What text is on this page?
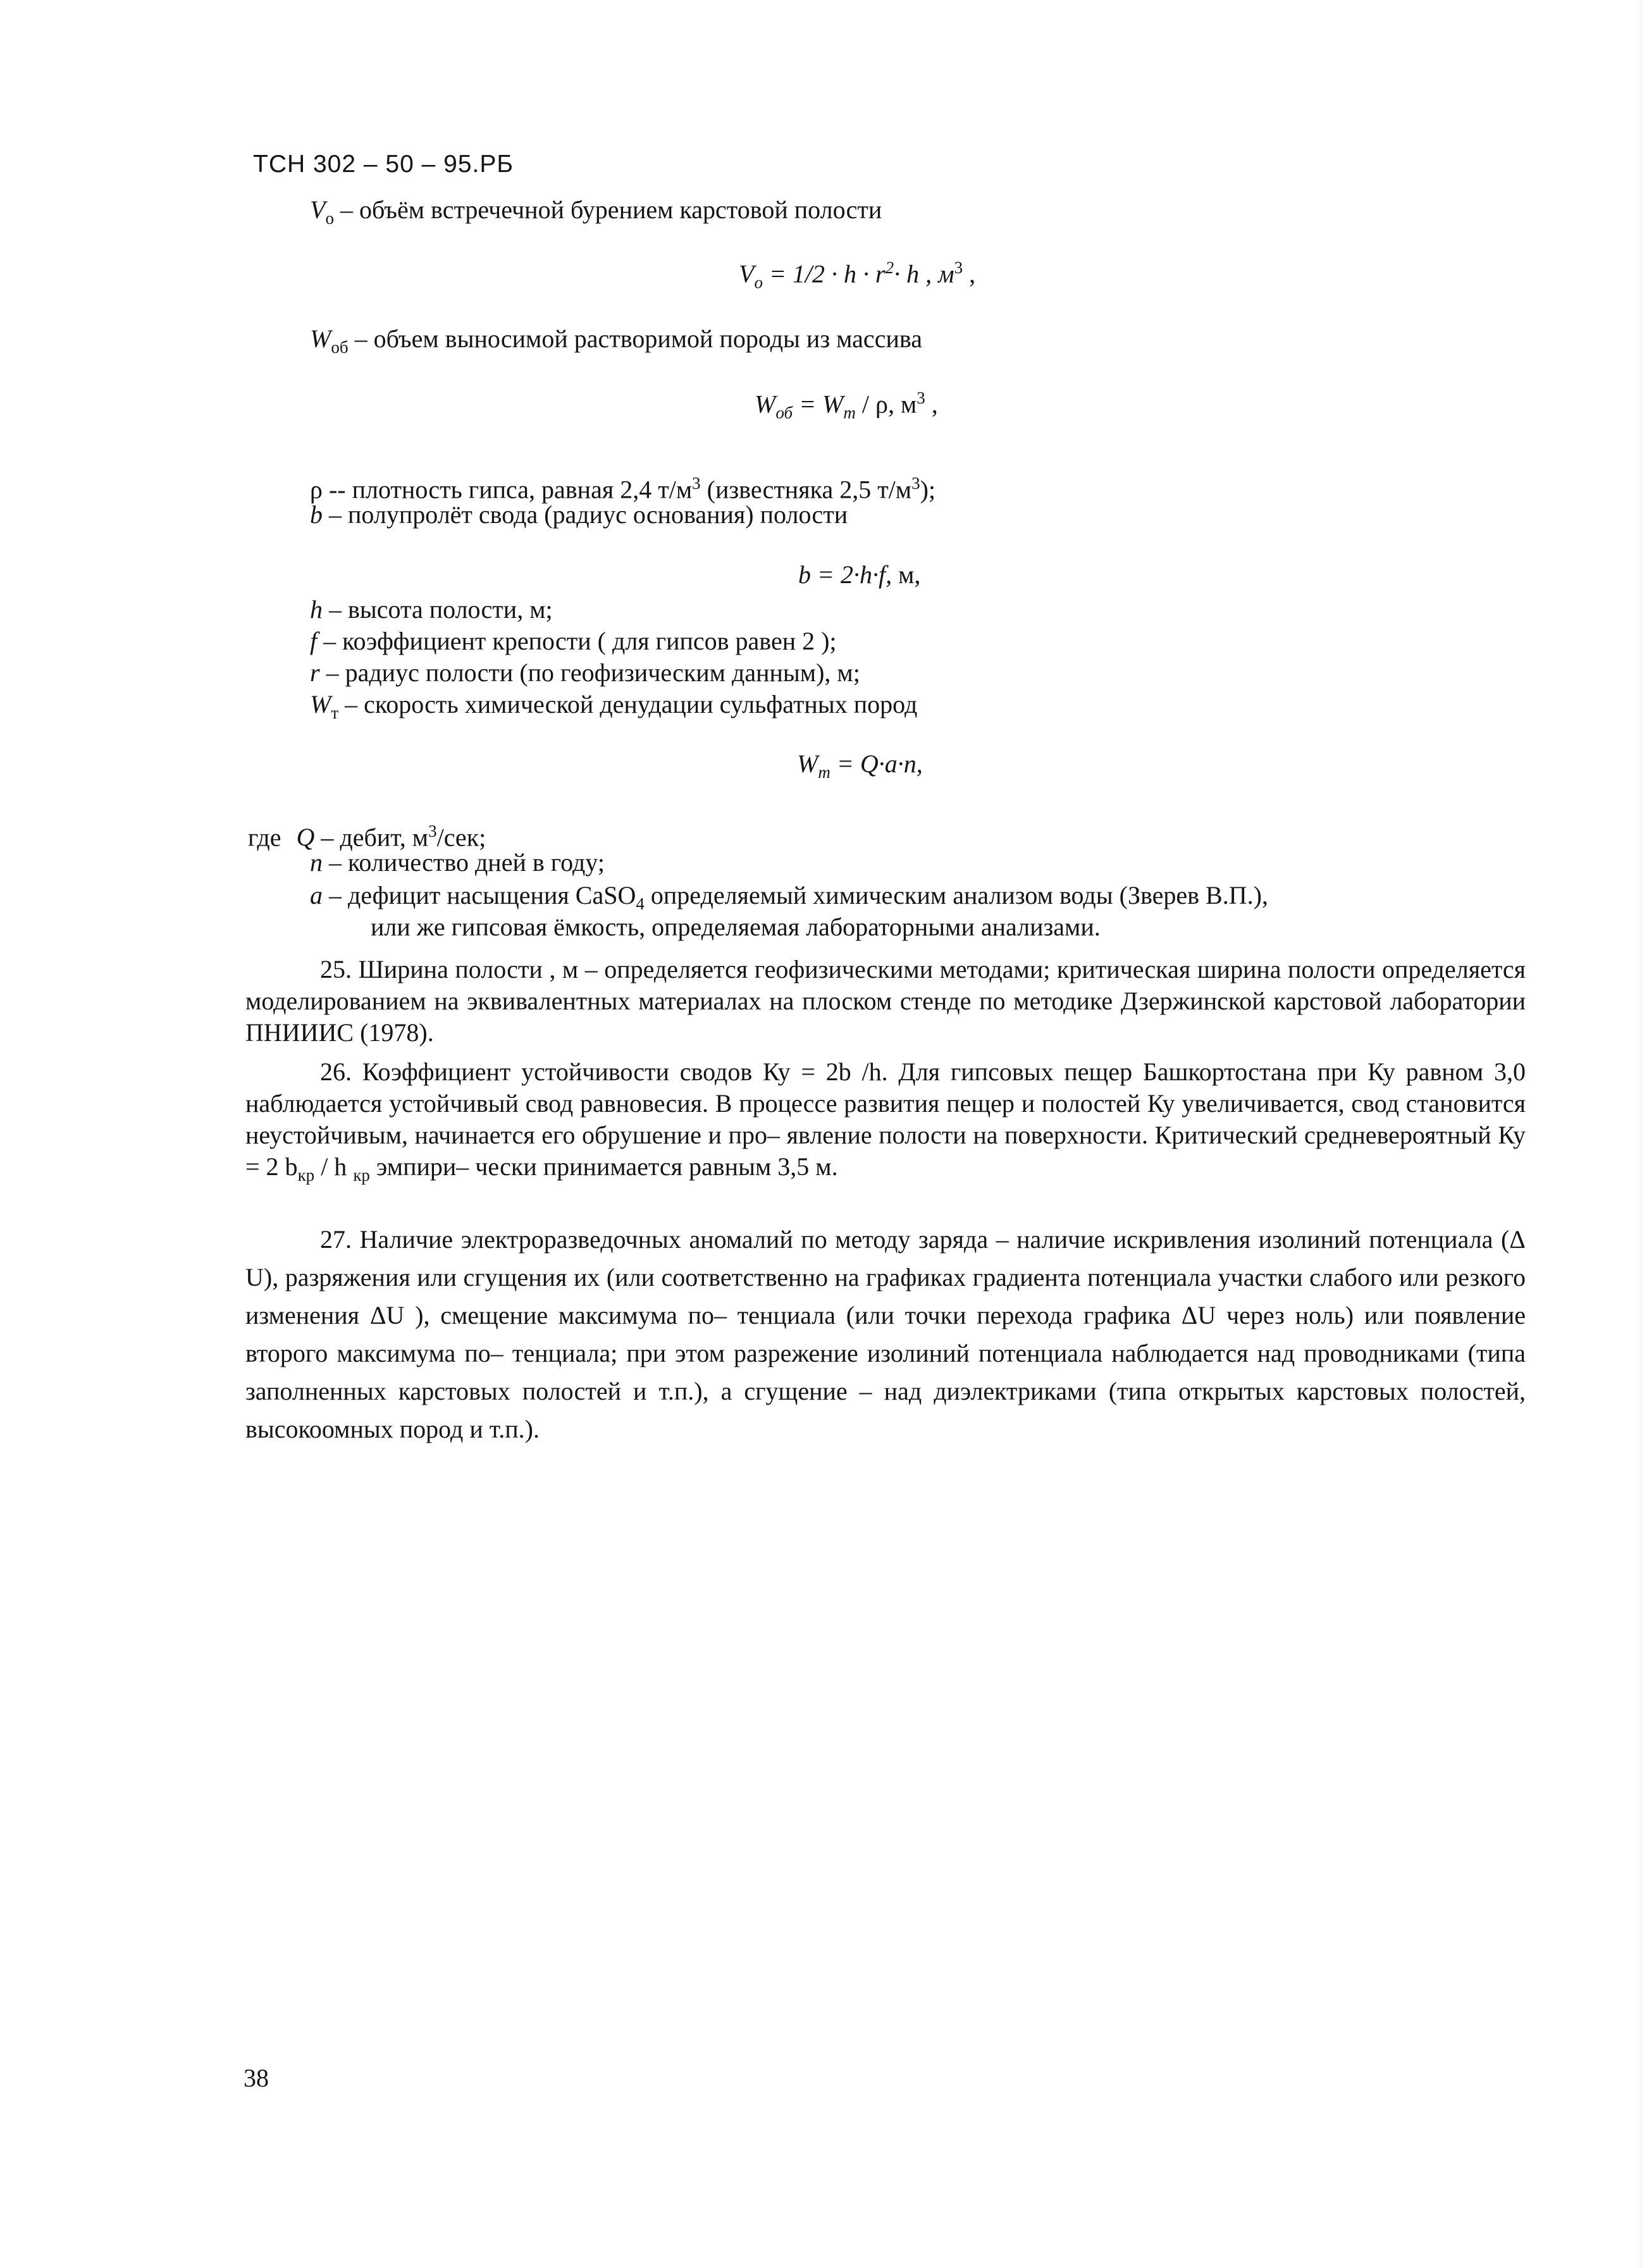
ТСН 302 – 50 – 95.РБ
$V_о$ – объём встречечной бурением карстовой полости
$V_o = 1/2 \cdot h \cdot r^2\cdot h$ , $м^3$ ,
$W_{об}$ – объем выносимой растворимой породы из массива
$W_{об} = W_т / \rho$, $м^3$ ,
ρ -- плотность гипса, равная 2,4 $т/м^3$ (известняка 2,5 $т/м^3$);
b – полупролёт свода (радиус основания) полости
b = 2·h·f, м,
h – высота полости, м;
f – коэффициент крепости ( для гипсов равен 2 );
r – радиус полости (по геофизическим данным), м;
$W_т$ – скорость химической денудации сульфатных пород
$W_т = Q\cdot a\cdot n$,
где Q – дебит, $м^3$/сек;
n – количество дней в году;
a – дефицит насыщения CaSO$_4$ определяемый химическим анализом воды (Зверев В.П.),
или же гипсовая ёмкость, определяемая лабораторными анализами.

25. Ширина полости , м – определяется геофизическими методами; критическая ширина полости определяется моделированием на эквивалентных материалах на плоском стенде по методике Дзержинской карстовой лаборатории ПНИИИС (1978).

26. Коэффициент устойчивости сводов Ку = 2b /h. Для гипсовых пещер Башкортостана при Ку равном 3,0 наблюдается устойчивый свод равновесия. В процессе развития пещер и полостей Ку увеличивается, свод становится неустойчивым, начинается его обрушение и про– явление полости на поверхности. Критический средневероятный Ку = 2 $b_{кр}$ / h $_{кр}$ эмпири– чески принимается равным 3,5 м.

27. Наличие электроразведочных аномалий по методу заряда – наличие искривления изолиний потенциала (Δ U), разряжения или сгущения их (или соответственно на графиках градиента потенциала участки слабого или резкого изменения ΔU ), смещение максимума по– тенциала (или точки перехода графика ΔU через ноль) или появление второго максимума по– тенциала; при этом разрежение изолиний потенциала наблюдается над проводниками (типа заполненных карстовых полостей и т.п.), а сгущение – над диэлектриками (типа открытых карстовых полостей, высокоомных пород и т.п.).

38
